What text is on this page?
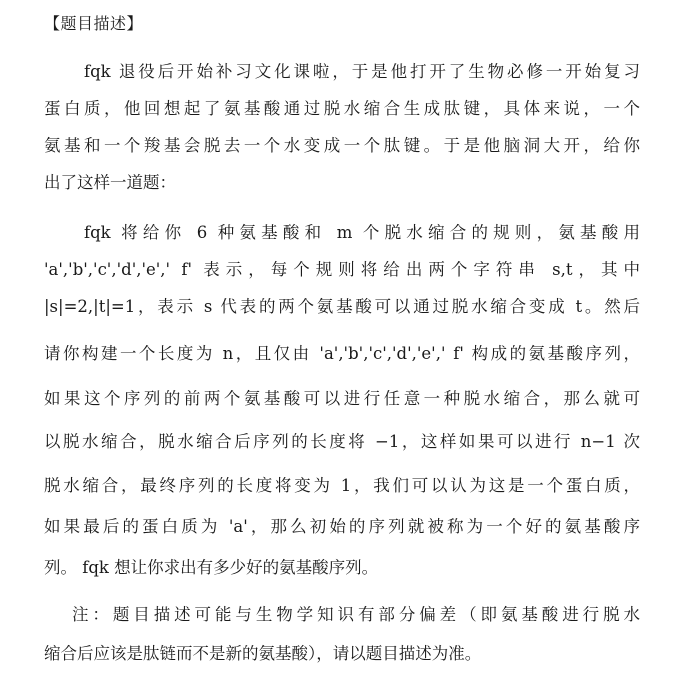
【题目描述】
fqk 退役后开始补习文化课啦，于是他打开了生物必修一开始复习
蛋白质，他回想起了氨基酸通过脱水缩合生成肽键，具体来说，一个
氨基和一个羧基会脱去一个水变成一个肽键。于是他脑洞大开，给你
出了这样一道题：
fqk 将给你 6 种氨基酸和 m 个脱水缩合的规则，氨基酸用
'a','b','c','d','e',' f' 表示，每个规则将给出两个字符串 s,t，其中
|s|=2,|t|=1，表示 s 代表的两个氨基酸可以通过脱水缩合变成 t。然后
请你构建一个长度为 n，且仅由 'a','b','c','d','e',' f' 构成的氨基酸序列，
如果这个序列的前两个氨基酸可以进行任意一种脱水缩合，那么就可
以脱水缩合，脱水缩合后序列的长度将 −1，这样如果可以进行 n−1 次
脱水缩合，最终序列的长度将变为 1，我们可以认为这是一个蛋白质，
如果最后的蛋白质为 'a'，那么初始的序列就被称为一个好的氨基酸序
列。 fqk 想让你求出有多少好的氨基酸序列。
注：题目描述可能与生物学知识有部分偏差（即氨基酸进行脱水
缩合后应该是肽链而不是新的氨基酸），请以题目描述为准。
